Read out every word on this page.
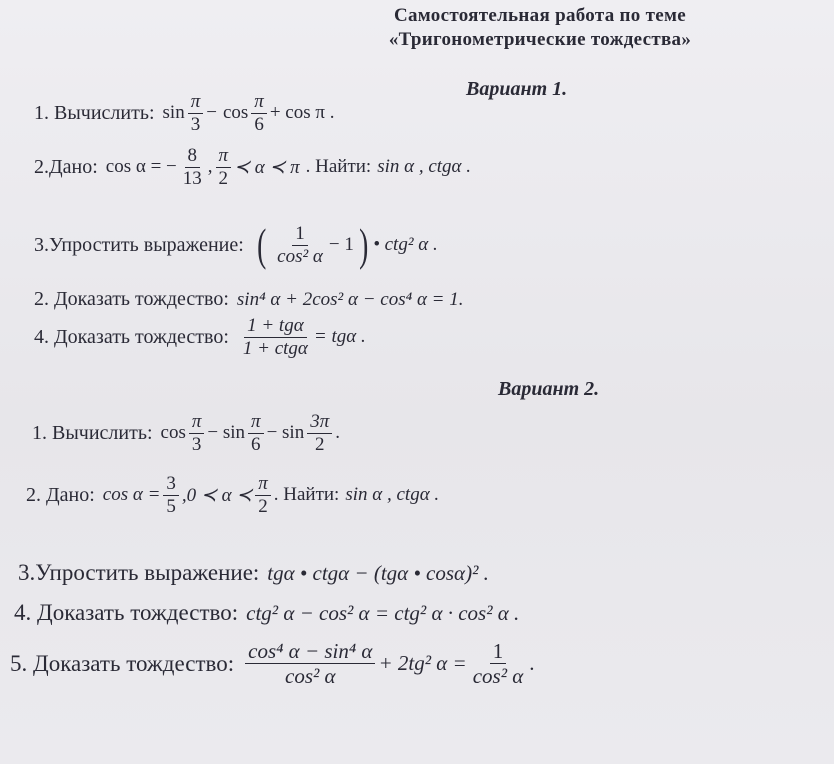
Самостоятельная работа по теме
«Тригонометрические тождества»
Вариант 1.
1. Вычислить: $\sin \frac{\pi}{3} - \cos \frac{\pi}{6} + \cos \pi$ .
2.Дано: cos α = − $\frac{8}{13}$ , $\frac{\pi}{2}$ ≺ α ≺ π . Найти: sin α , ctgα .
3.Упростить выражение: ( $\frac{1}{\text{cos² α}} - 1$ ) • ctg² α .
2. Доказать тождество: sin⁴ α + 2cos² α − cos⁴ α = 1.
4. Доказать тождество: $\frac{\text{1 + tgα}}{\text{1 + ctgα}} = tg\alpha$ .
Вариант 2.
1. Вычислить: $\cos \frac{\pi}{3} - \sin \frac{\pi}{6} - \sin \frac{3\pi}{2}$ .
2. Дано: $\cos \alpha = \frac{3}{5} ,0$ ≺ α ≺ $\frac{\pi}{2}$ . Найти: sin α , ctgα .
3.Упростить выражение: tgα • ctgα − (tgα • cosα)² .
4. Доказать тождество: ctg² α − cos² α = ctg² α · cos² α .
5. Доказать тождество: $\frac{\text{cos⁴ α − sin⁴ α}}{\text{cos² α}} + 2tg^2$ $\alpha = \frac{1}{\text{cos² α}}$ .
